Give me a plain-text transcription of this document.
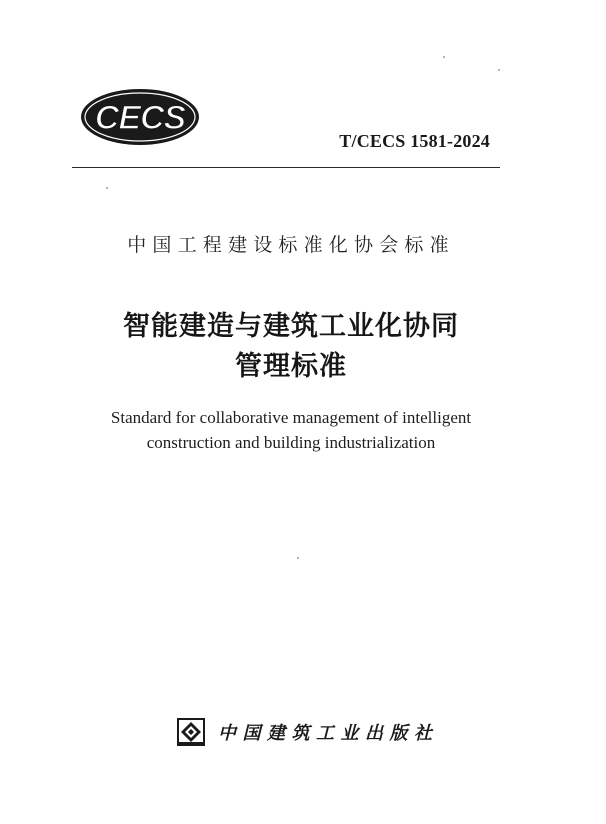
CECS
T/CECS 1581-2024
中国工程建设标准化协会标准
智能建造与建筑工业化协同
管理标准
Standard for collaborative management of intelligent
construction and building industrialization
中国建筑工业出版社
